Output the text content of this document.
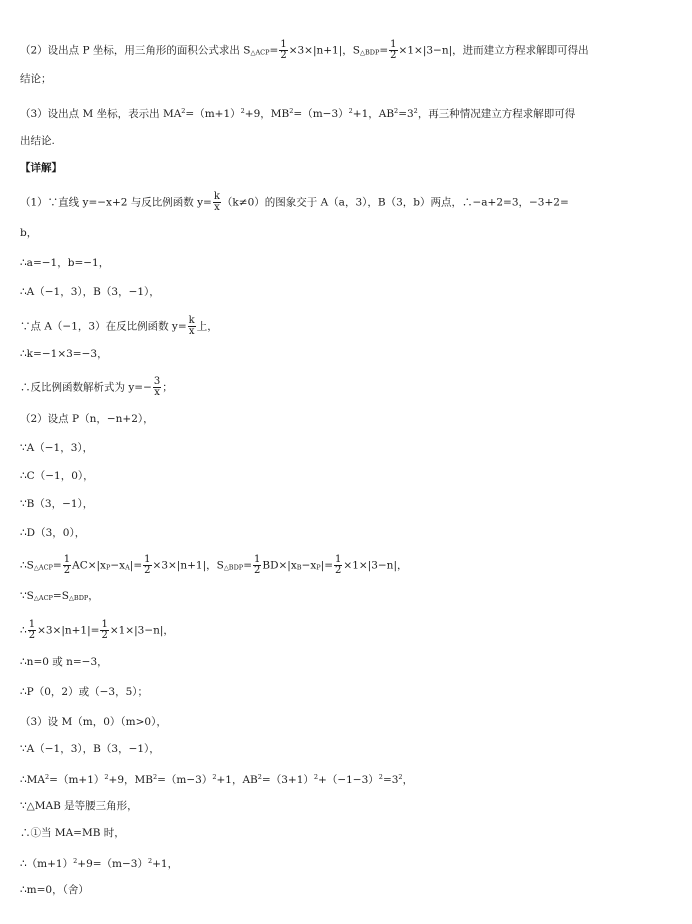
（2）设出点 P 坐标，用三角形的面积公式求出 S△ACP= $\frac{1}{2} \times 3\times|n+1|$，S△BDP= $\frac{1}{2} \times 1\times|3-n|$，进而建立方程求解即可得出
结论；
（3）设出点 M 坐标，表示出 $MA^2=(m+1)^2+9$，$MB^2=(m-3)^2+1$，$AB^2=3^2$，再三种情况建立方程求解即可得
出结论.
【详解】
（1）∵直线 y=−x+2 与反比例函数 $y= \frac{k}{x} (k\ne 0)$的图象交于 A（a，3），B（3，b）两点，∴−a+2=3，−3+2=
b，
∴a=−1，b=−1，
∴A（−1，3），B（3，−1），
∵点 A（−1，3）在反比例函数 $y= \frac{k}{x}$ 上，
∴k=−1×3=−3，
∴反比例函数解析式为 $y=- \frac{3}{x}$ ；
（2）设点 P（n，−n+2），
∵A（−1，3），
∴C（−1，0），
∵B（3，−1），
∴D（3，0），
∴S△ACP= $\frac{1}{2} AC\times|xP-xA|= \frac{1}{2} \times 3\times|n+1|$，S△BDP= $\frac{1}{2} BD\times|xB-xP|= \frac{1}{2} \times 1\times|3-n|$，
∵S△ACP=S△BDP，
∴ $\frac{1}{2} \times 3\times|n+1|= \frac{1}{2} \times 1\times|3-n|$，
∴n=0 或 n=−3，
∴P（0，2）或（−3，5）；
（3）设 M（m，0）（m>0），
∵A（−1，3），B（3，−1），
$\therefore MA^2=(m+1)^2+9$，$MB^2=(m-3)^2+1$，$AB^2=(3+1)^2+(-1-3)^2=3^2$，
∵△MAB 是等腰三角形，
∴①当 MA=MB 时，
$\therefore(m+1)^2+9=(m-3)^2+1$，
∴m=0，（舍）
